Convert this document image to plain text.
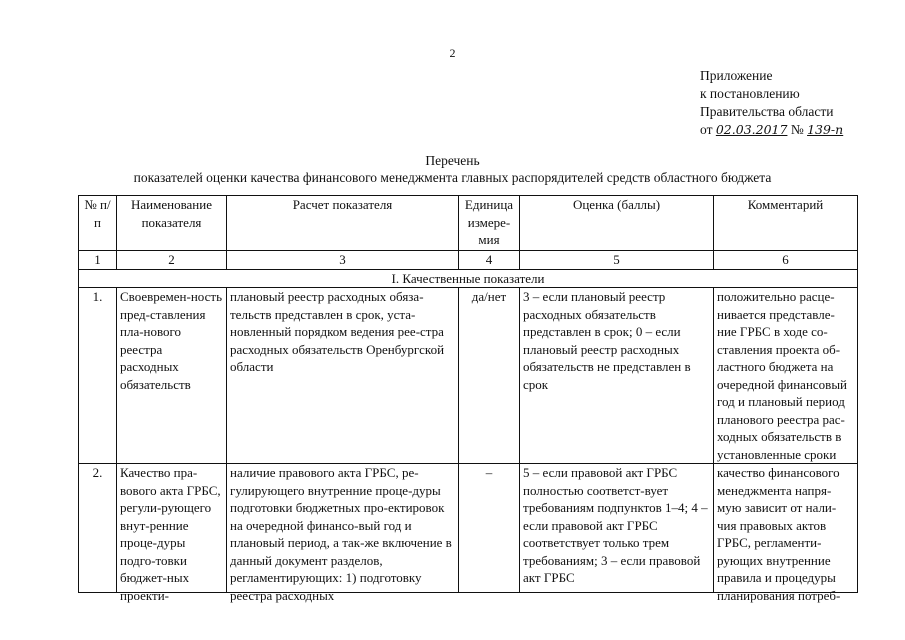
2
Приложение
к постановлению
Правительства области
от 02.03.2017 № 139-п
Перечень
показателей оценки качества финансового менеджмента главных распорядителей средств областного бюджета
№ п/п	Наименование показателя	Расчет показателя	Единица измере-мия	Оценка (баллы)	Комментарий
1	2	3	4	5	6
I. Качественные показатели					
1.	Своевремен-ность пред-ставления пла-нового реестра расходных обязательств	плановый реестр расходных обяза-тельств представлен в срок, уста-новленный порядком ведения рее-стра расходных обязательств Оренбургской области	да/нет	3 – если плановый реестр расходных обязательств представлен в срок; 0 – если плановый реестр расходных обязательств не представлен в срок	положительно расце-нивается представле-ние ГРБС в ходе со-ставления проекта об-ластного бюджета на очередной финансовый год и плановый период планового реестра рас-ходных обязательств в установленные сроки
2.	Качество пра-вового акта ГРБС, регули-рующего внут-ренние проце-дуры подго-товки бюджет-ных проекти-	наличие правового акта ГРБС, ре-гулирующего внутренние проце-дуры подготовки бюджетных про-ектировок на очередной финансо-вый год и плановый период, а так-же включение в данный документ разделов, регламентирующих: 1) подготовку реестра расходных	–	5 – если правовой акт ГРБС полностью соответст-вует требованиям подпунктов 1–4; 4 – если правовой акт ГРБС соответствует только трем требованиям; 3 – если правовой акт ГРБС	качество финансового менеджмента напря-мую зависит от нали-чия правовых актов ГРБС, регламенти-рующих внутренние правила и процедуры планирования потреб-
